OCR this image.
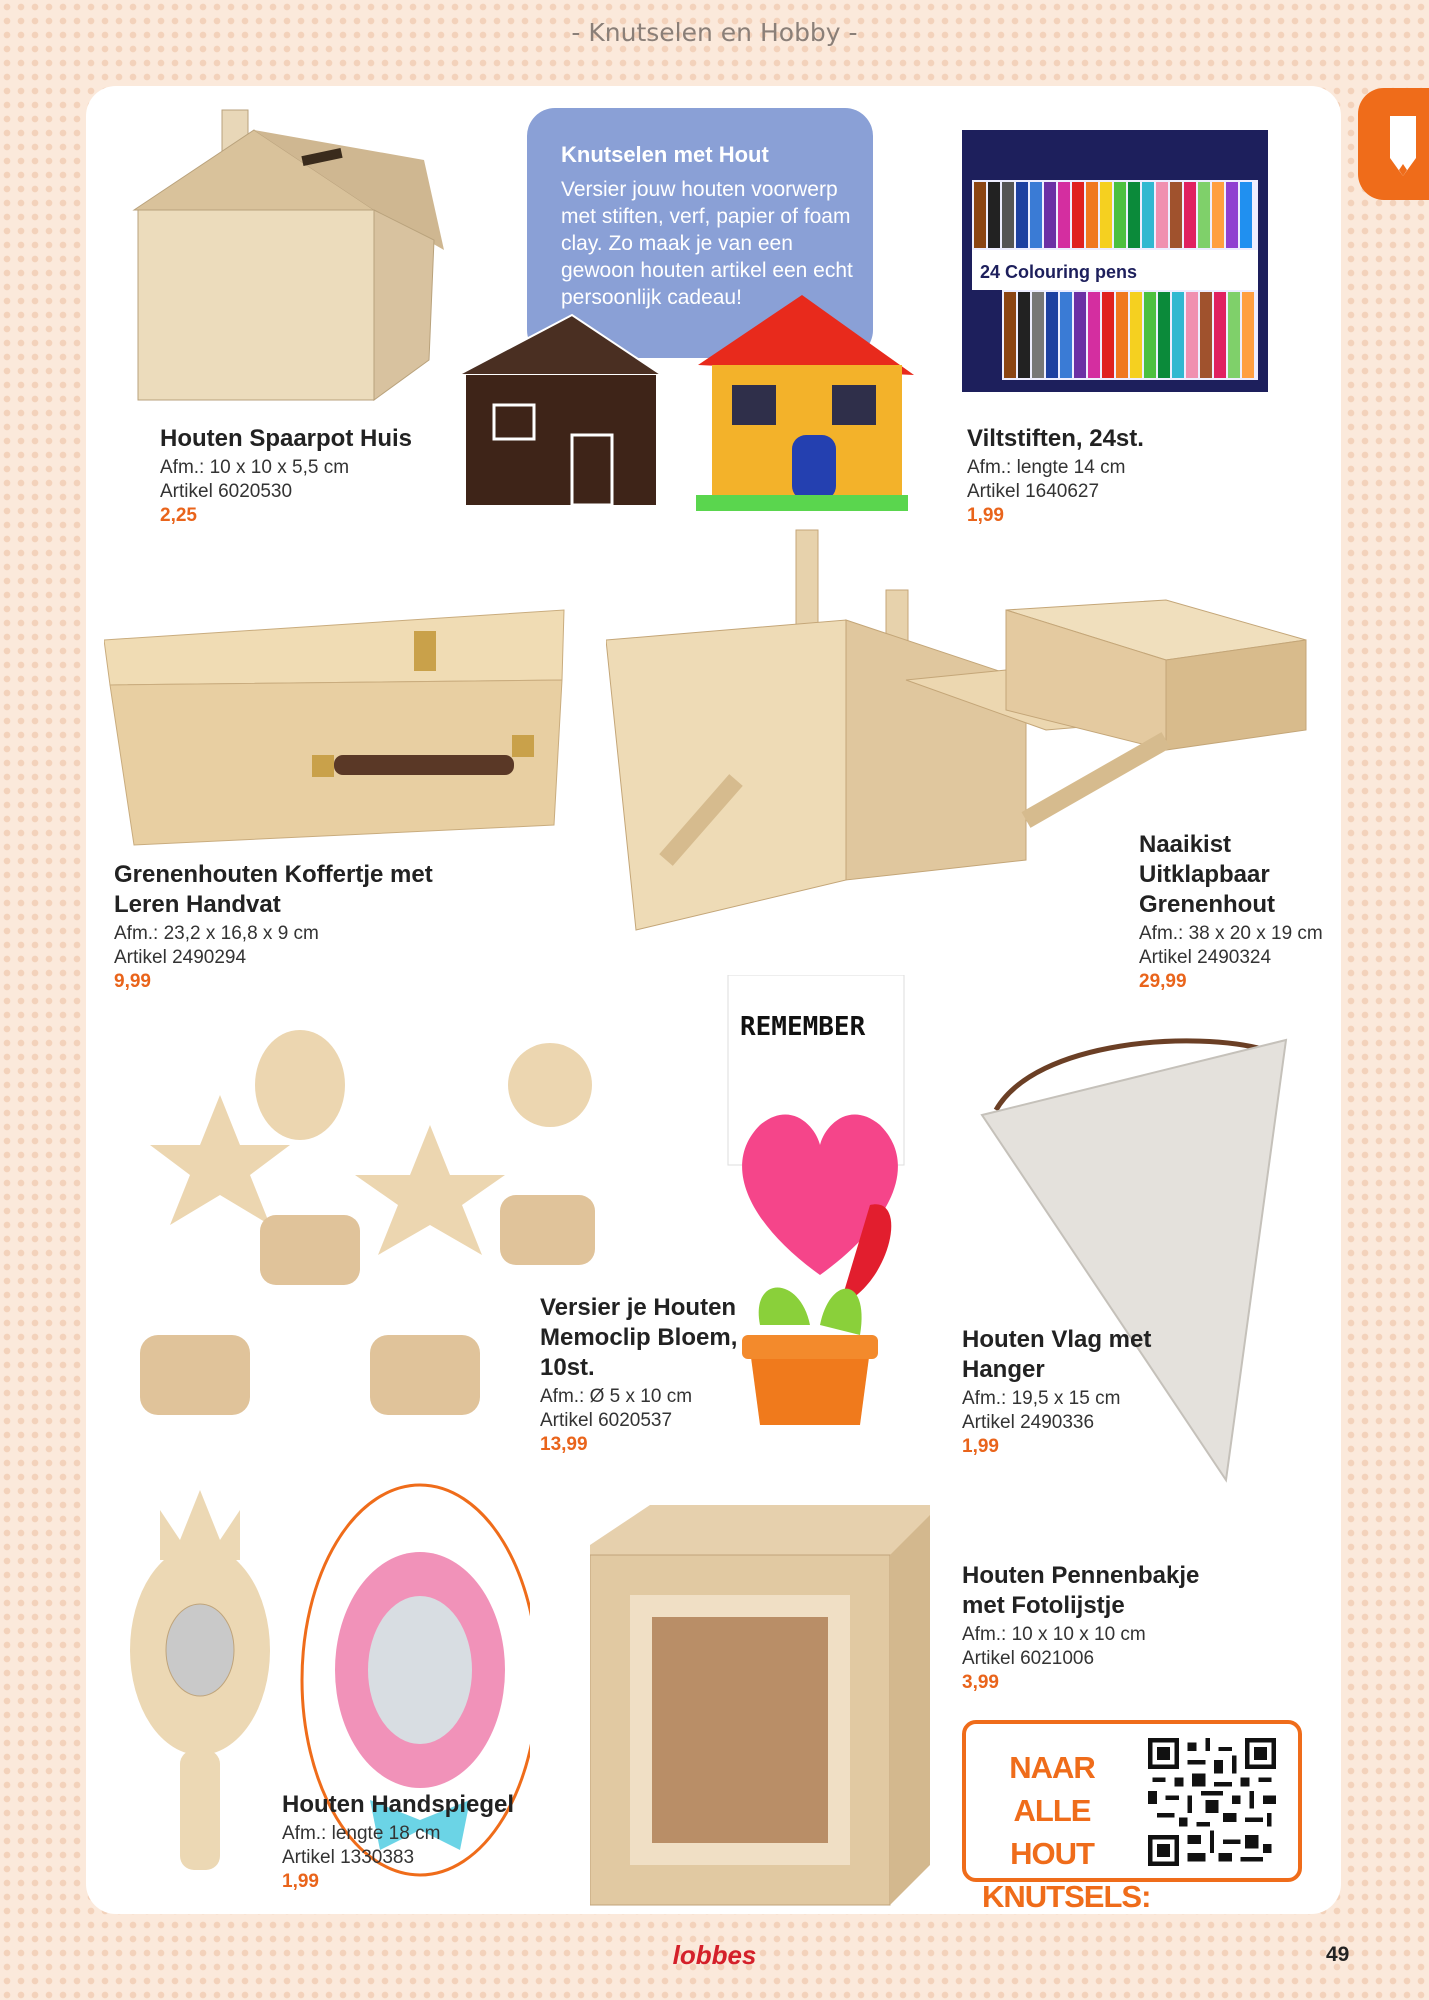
- Knutselen en Hobby -
Knutselen met Hout
Versier jouw houten voorwerp met stiften, verf, papier of foam clay. Zo maak je van een gewoon houten artikel een echt persoonlijk cadeau!
24 Colouring pens
REMEMBER
Houten Spaarpot Huis
Afm.: 10 x 10 x 5,5 cm
Artikel 6020530
2,25
Viltstiften, 24st.
Afm.: lengte 14 cm
Artikel 1640627
1,99
Grenenhouten Koffertje met Leren Handvat
Afm.: 23,2 x 16,8 x 9 cm
Artikel 2490294
9,99
Naaikist Uitklapbaar Grenenhout
Afm.: 38 x 20 x 19 cm
Artikel 2490324
29,99
Versier je Houten Memoclip Bloem, 10st.
Afm.: Ø 5 x 10 cm
Artikel 6020537
13,99
Houten Vlag met Hanger
Afm.: 19,5 x 15 cm
Artikel 2490336
1,99
Houten Handspiegel
Afm.: lengte 18 cm
Artikel 1330383
1,99
Houten Pennenbakje met Fotolijstje
Afm.: 10 x 10 x 10 cm
Artikel 6021006
3,99
NAAR ALLE HOUT KNUTSELS:
lobbes	49
